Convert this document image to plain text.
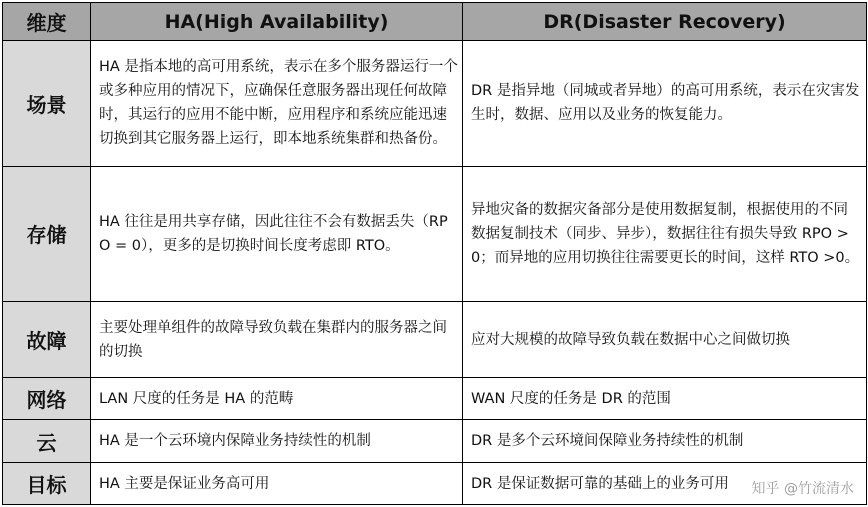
维度	HA(High Availability)	DR(Disaster Recovery)
场景	HA 是指本地的高可用系统，表示在多个服务器运行一个或多种应用的情况下，应确保任意服务器出现任何故障时，其运行的应用不能中断，应用程序和系统应能迅速切换到其它服务器上运行，即本地系统集群和热备份。	DR 是指异地（同城或者异地）的高可用系统，表示在灾害发生时，数据、应用以及业务的恢复能力。
存储	HA 往往是用共享存储，因此往往不会有数据丢失（RPO = 0），更多的是切换时间长度考虑即 RTO。	异地灾备的数据灾备部分是使用数据复制，根据使用的不同数据复制技术（同步、异步），数据往往有损失导致 RPO >0；而异地的应用切换往往需要更长的时间，这样 RTO >0。
故障	主要处理单组件的故障导致负载在集群内的服务器之间的切换	应对大规模的故障导致负载在数据中心之间做切换
网络	LAN 尺度的任务是 HA 的范畴	WAN 尺度的任务是 DR 的范围
云	HA 是一个云环境内保障业务持续性的机制	DR 是多个云环境间保障业务持续性的机制
目标	HA 主要是保证业务高可用	DR 是保证数据可靠的基础上的业务可用 知乎 @竹流清水
